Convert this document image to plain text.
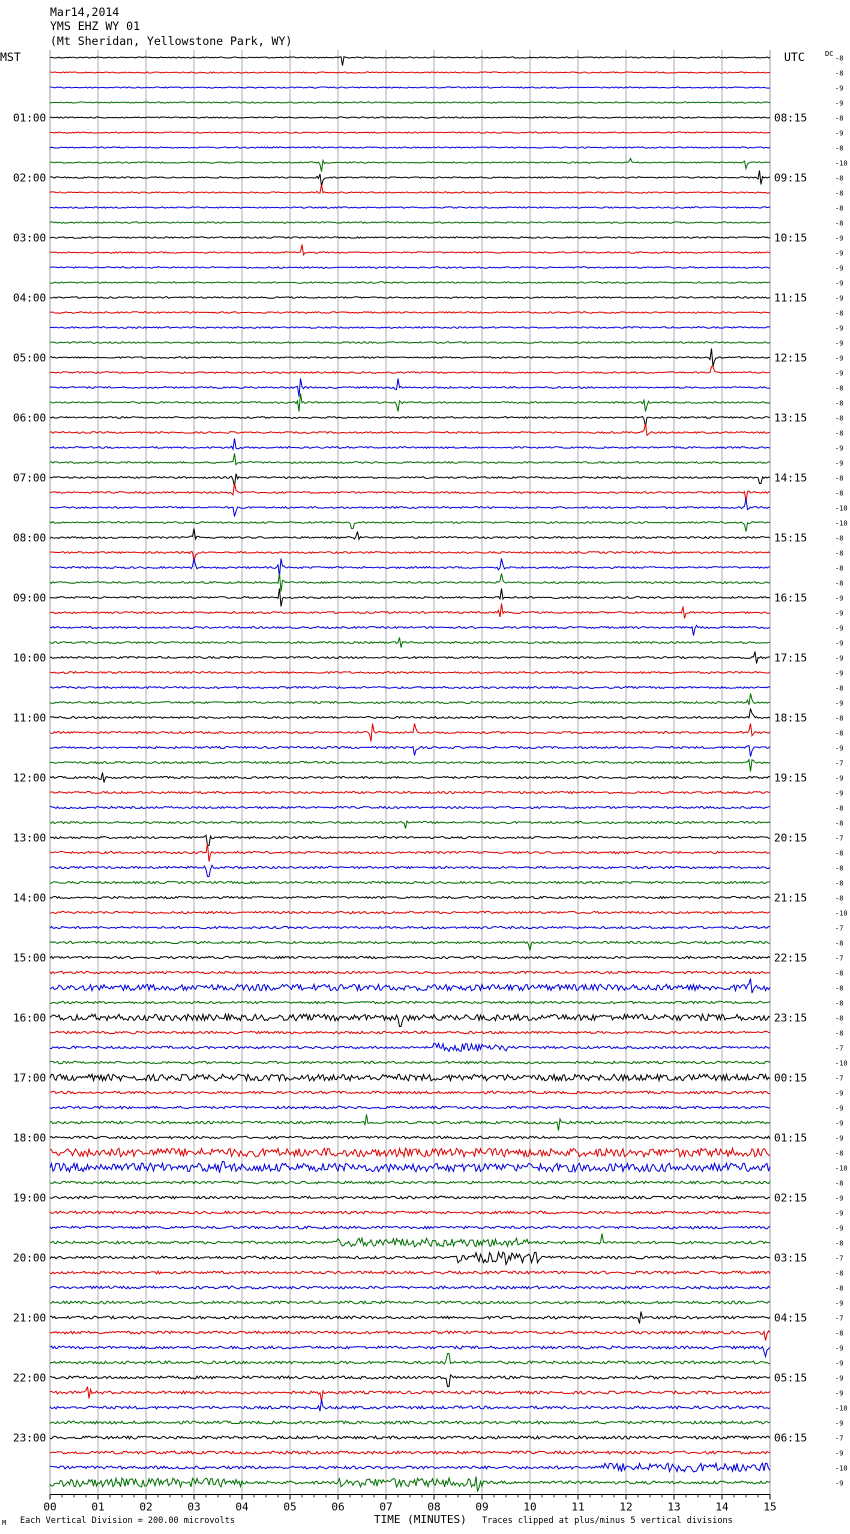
Mar14,2014
YMS EHZ WY 01
(Mt Sheridan, Yellowstone Park, WY)
MST	UTC	DC
01:00
02:00
03:00
04:00
05:00
06:00
07:00
08:00
09:00
10:00
11:00
12:00
13:00
14:00
15:00
16:00
17:00
18:00
19:00
20:00
21:00
22:00
23:00
08:15
09:15
10:15
11:15
12:15
13:15
14:15
15:15
16:15
17:15
18:15
19:15
20:15
21:15
22:15
23:15
00:15
01:15
02:15
03:15
04:15
05:15
06:15
-8
-8
-9
-9
-8
-9
-8
-10
-8
-8
-8
-8
-9
-9
-9
-9
-9
-8
-9
-9
-9
-9
-8
-8
-8
-8
-9
-9
-8
-8
-10
-10
-8
-8
-8
-8
-9
-9
-9
-9
-9
-9
-8
-9
-8
-8
-9
-7
-9
-9
-8
-8
-7
-8
-8
-8
-8
-10
-7
-8
-7
-8
-8
-8
-8
-8
-7
-10
-7
-9
-9
-9
-9
-8
-10
-8
-9
-9
-9
-8
-7
-8
-8
-9
-7
-8
-9
-9
-9
-9
-10
-9
-7
-9
-10
-9
00	01	02	03	04	05	06	07	08	09	10	11	12	13	14	15
M Each Vertical Division = 200.00 microvolts	TIME (MINUTES) Traces clipped at plus/minus 5 vertical divisions
